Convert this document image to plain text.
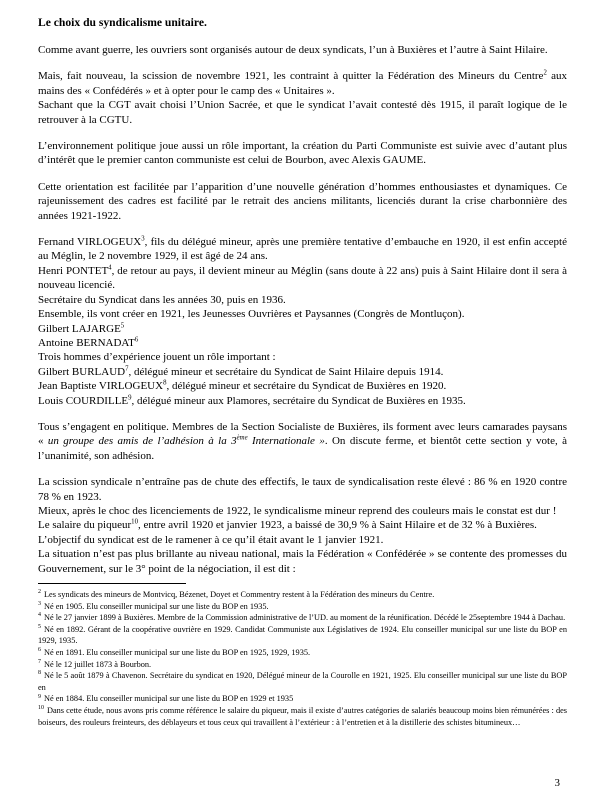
Le choix du syndicalisme unitaire.

Comme avant guerre, les ouvriers sont organisés autour de deux syndicats, l’un à Buxières et l’autre à Saint Hilaire.

Mais, fait nouveau, la scission de novembre 1921, les contraint à quitter la Fédération des Mineurs du Centre$^2$ aux mains des « Confédérés » et à opter pour le camp des « Unitaires ».

Sachant que la CGT avait choisi l’Union Sacrée, et que le syndicat l’avait contesté dès 1915, il paraît logique de le retrouver à la CGTU.

L’environnement politique joue aussi un rôle important, la création du Parti Communiste est suivie avec d’autant plus d’intérêt que le premier canton communiste est celui de Bourbon, avec Alexis GAUME.

Cette orientation est facilitée par l’apparition d’une nouvelle génération d’hommes enthousiastes et dynamiques. Ce rajeunissement des cadres est facilité par le retrait des anciens militants, licenciés durant la crise charbonnière des années 1921-1922.

Fernand VIRLOGEUX$^3$, fils du délégué mineur, après une première tentative d’embauche en 1920, il est enfin accepté au Méglin, le 2 novembre 1929, il est âgé de 24 ans.

Henri PONTET$^4$, de retour au pays, il devient mineur au Méglin (sans doute à 22 ans) puis à Saint Hilaire dont il sera à nouveau licencié.

Secrétaire du Syndicat dans les années 30, puis en 1936.

Ensemble, ils vont créer en 1921, les Jeunesses Ouvrières et Paysannes (Congrès de Montluçon).

Gilbert LAJARGE$^5$

Antoine BERNADAT$^6$

Trois hommes d’expérience jouent un rôle important :

Gilbert BURLAUD$^7$, délégué mineur et secrétaire du Syndicat de Saint Hilaire depuis 1914.

Jean Baptiste VIRLOGEUX$^8$, délégué mineur et secrétaire du Syndicat de Buxières en 1920.

Louis COURDILLE$^9$, délégué mineur aux Plamores, secrétaire du Syndicat de Buxières en 1935.

Tous s’engagent en politique. Membres de la Section Socialiste de Buxières, ils forment avec leurs camarades paysans « un groupe des amis de l’adhésion à la 3ème Internationale ». On discute ferme, et bientôt cette section y vote, à l’unanimité, son adhésion.

La scission syndicale n’entraîne pas de chute des effectifs, le taux de syndicalisation reste élevé : 86 % en 1920 contre 78 % en 1923.

Mieux, après le choc des licenciements de 1922, le syndicalisme mineur reprend des couleurs mais le constat est dur !

Le salaire du piqueur$^{10}$, entre avril 1920 et janvier 1923, a baissé de 30,9 % à Saint Hilaire et de 32 % à Buxières.

L’objectif du syndicat est de le ramener à ce qu’il était avant le 1 janvier 1921.

La situation n’est pas plus brillante au niveau national, mais la Fédération « Confédérée » se contente des promesses du Gouvernement, sur le 3° point de la négociation, il est dit :

$^2$ Les syndicats des mineurs de Montvicq, Bézenet, Doyet et Commentry restent à la Fédération des mineurs du Centre.
$^3$ Né en 1905. Elu conseiller municipal sur une liste du BOP en 1935.
$^4$ Né le 27 janvier 1899 à Buxières. Membre de la Commission administrative de l’UD. au moment de la réunification. Décédé le 25septembre 1944 à Dachau.
$^5$ Né en 1892. Gérant de la coopérative ouvrière en 1929. Candidat Communiste aux Législatives de 1924. Elu conseiller municipal sur une liste du BOP en 1929, 1935.
$^6$ Né en 1891. Elu conseiller municipal sur une liste du BOP en 1925, 1929, 1935.
$^7$ Né le 12 juillet 1873 à Bourbon.
$^8$ Né le 5 août 1879 à Chavenon. Secrétaire du syndicat en 1920, Délégué mineur de la Courolle en 1921, 1925. Elu conseiller municipal sur une liste du BOP en
$^9$ Né en 1884. Elu conseiller municipal sur une liste du BOP en 1929 et 1935
$^{10}$ Dans cette étude, nous avons pris comme référence le salaire du piqueur, mais il existe d’autres catégories de salariés beaucoup moins bien rémunérées : des boiseurs, des rouleurs freinteurs, des déblayeurs et tous ceux qui travaillent à l’extérieur : à l’entretien et à la distillerie des schistes bitumineux…
3
